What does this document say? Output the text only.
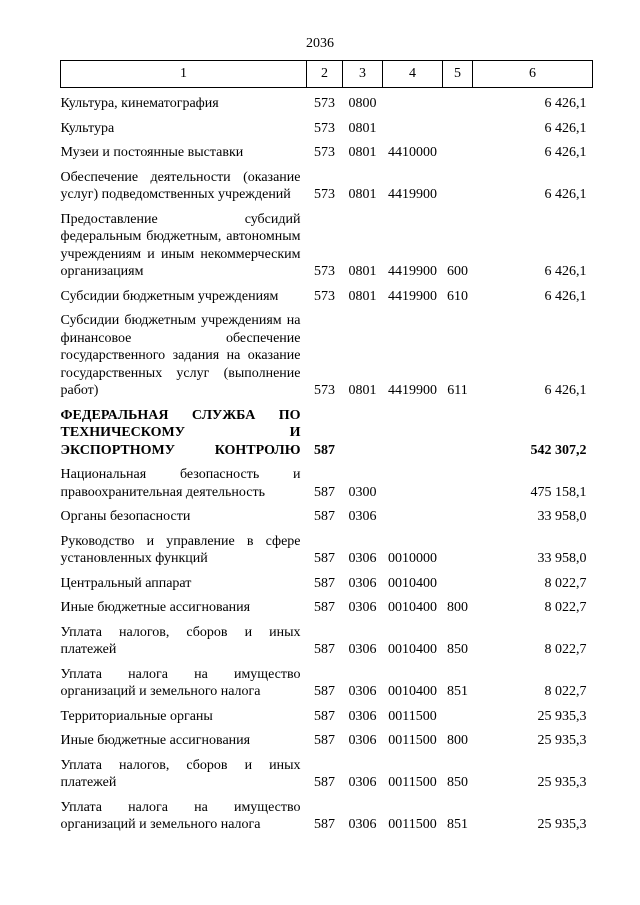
2036
1	2	3	4	5	6

Культура, кинематография	573	0800			6 426,1

Культура	573	0801			6 426,1

Музеи и постоянные выставки	573	0801	4410000		6 426,1

Обеспечение деятельности (оказание услуг) подведомственных учреждений	573	0801	4419900		6 426,1

Предоставление субсидий федеральным бюджетным, автономным учреждениям и иным некоммерческим организациям	573	0801	4419900	600	6 426,1

Субсидии бюджетным учреждениям	573	0801	4419900	610	6 426,1

Субсидии бюджетным учреждениям на финансовое обеспечение государственного задания на оказание государственных услуг (выполнение работ)	573	0801	4419900	611	6 426,1

ФЕДЕРАЛЬНАЯ СЛУЖБА ПО ТЕХНИЧЕСКОМУ И ЭКСПОРТНОМУ КОНТРОЛЮ	587				542 307,2

Национальная безопасность и правоохранительная деятельность	587	0300			475 158,1

Органы безопасности	587	0306			33 958,0

Руководство и управление в сфере установленных функций	587	0306	0010000		33 958,0

Центральный аппарат	587	0306	0010400		8 022,7

Иные бюджетные ассигнования	587	0306	0010400	800	8 022,7

Уплата налогов, сборов и иных платежей	587	0306	0010400	850	8 022,7

Уплата налога на имущество организаций и земельного налога	587	0306	0010400	851	8 022,7

Территориальные органы	587	0306	0011500		25 935,3

Иные бюджетные ассигнования	587	0306	0011500	800	25 935,3

Уплата налогов, сборов и иных платежей	587	0306	0011500	850	25 935,3

Уплата налога на имущество организаций и земельного налога	587	0306	0011500	851	25 935,3
